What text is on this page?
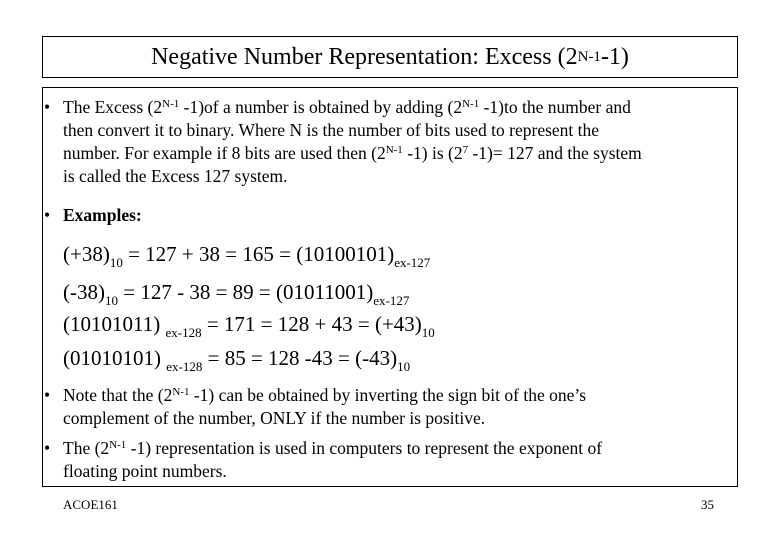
Negative Number Representation: Excess (2 N-1 -1)
• The Excess ($2^{N-1}$ -1)of a number is obtained by adding ($2^{N-1}$ -1)to the number and
then convert it to binary. Where N is the number of bits used to represent the
number. For example if 8 bits are used then ($2^{N-1}$ -1) is ($2^7$ -1)= 127 and the system
is called the Excess 127 system.
• Examples:
$(+38)_{10} = 127 + 38 = 165 = (10100101)_{ex-127}$
$(-38)_{10} = 127 - 38 = 89 = (01011001)_{ex-127}$
(10101011) $_{ex-128} = 171 = 128 + 43 = (+43)_{10}$
(01010101) $_{ex-128}$ = 85 = 128 $-43 = (-43)_{10}$
• Note that the ($2^{N-1}$ -1) can be obtained by inverting the sign bit of the one’s
complement of the number, ONLY if the number is positive.
• The ($2^{N-1}$ -1) representation is used in computers to represent the exponent of
floating point numbers.
ACOE161	35
